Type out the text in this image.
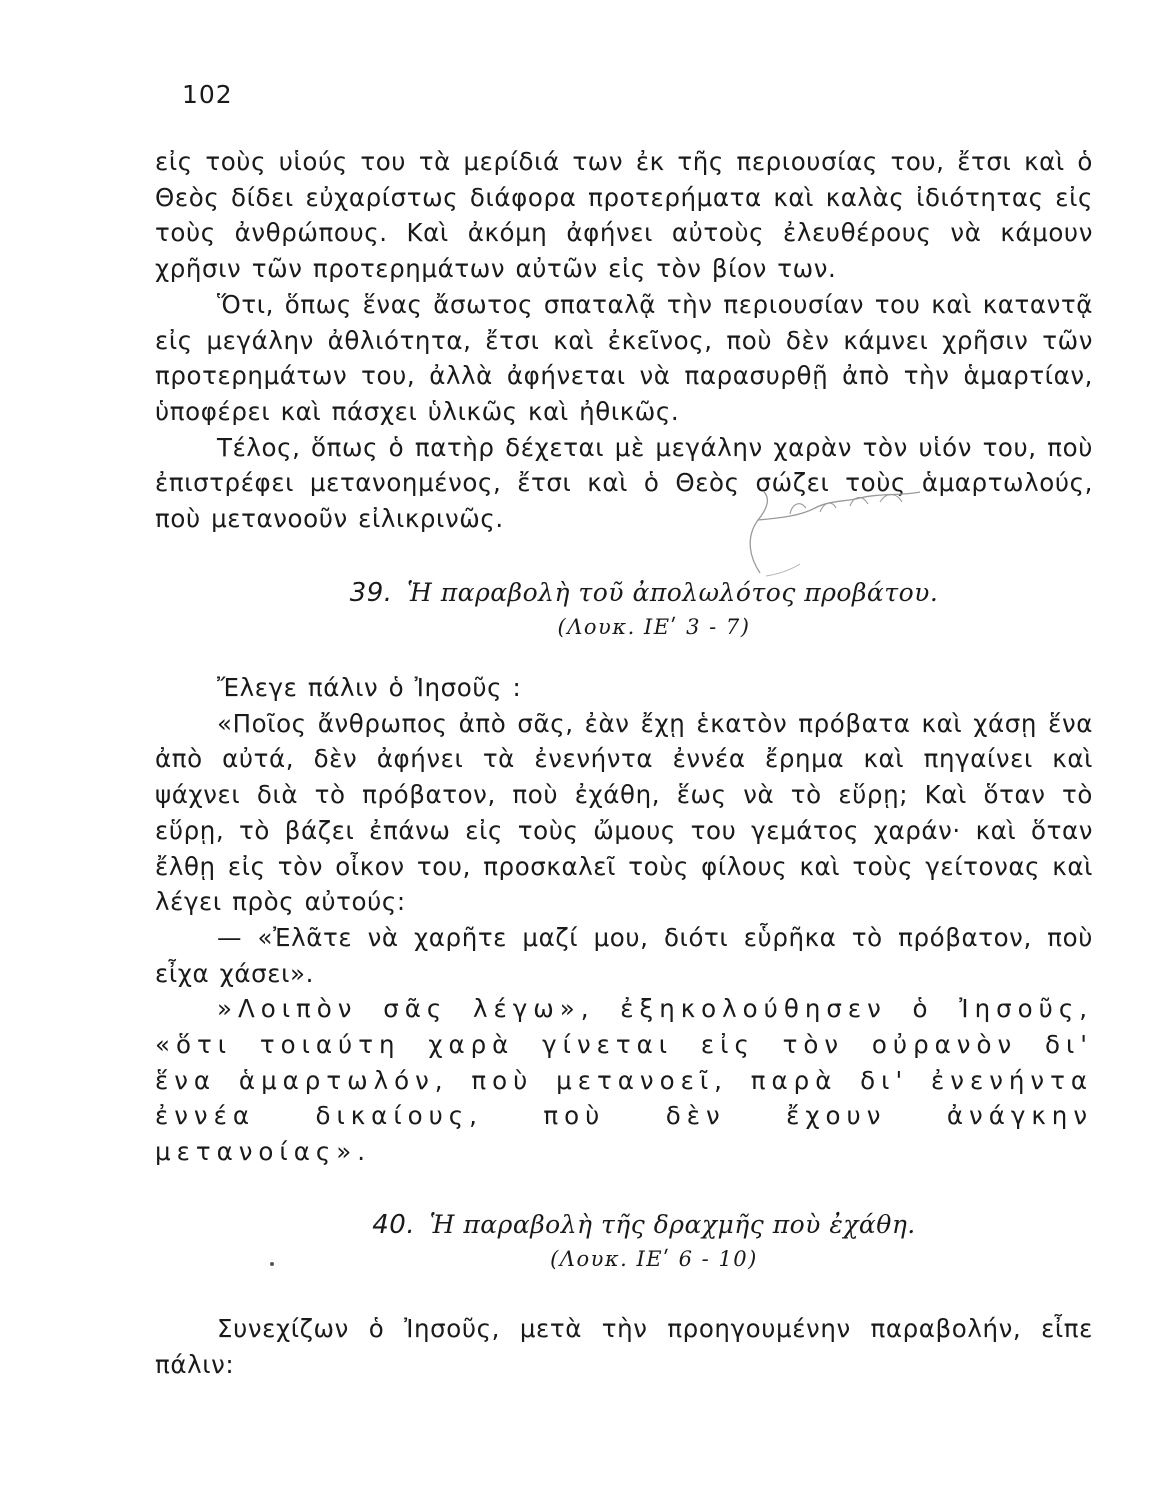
102

εἰς τοὺς υἱούς του τὰ μερίδιά των ἐκ τῆς περιουσίας του, ἔτσι καὶ ὁ Θεὸς δίδει εὐχαρίστως διάφορα προτερήματα καὶ καλὰς ἰδιότητας εἰς τοὺς ἀνθρώπους. Καὶ ἀκόμη ἀφήνει αὐτοὺς ἐλευθέρους νὰ κάμουν χρῆσιν τῶν προτερημάτων αὐτῶν εἰς τὸν βίον των.

Ὅτι, ὅπως ἕνας ἄσωτος σπαταλᾷ τὴν περιουσίαν του καὶ καταντᾷ εἰς μεγάλην ἀθλιότητα, ἔτσι καὶ ἐκεῖνος, ποὺ δὲν κάμνει χρῆσιν τῶν προτερημάτων του, ἀλλὰ ἀφήνεται νὰ παρασυρθῇ ἀπὸ τὴν ἁμαρτίαν, ὑποφέρει καὶ πάσχει ὑλικῶς καὶ ἠθικῶς.

Τέλος, ὅπως ὁ πατὴρ δέχεται μὲ μεγάλην χαρὰν τὸν υἱόν του, ποὺ ἐπιστρέφει μετανοημένος, ἔτσι καὶ ὁ Θεὸς σώζει τοὺς ἁμαρτωλούς, ποὺ μετανοοῦν εἰλικρινῶς.

39. Ἡ παραβολὴ τοῦ ἀπολωλότος προβάτου.
(Λουκ. ΙΕʹ 3 - 7)

Ἔλεγε πάλιν ὁ Ἰησοῦς :

«Ποῖος ἄνθρωπος ἀπὸ σᾶς, ἐὰν ἔχῃ ἑκατὸν πρόβατα καὶ χάσῃ ἕνα ἀπὸ αὐτά, δὲν ἀφήνει τὰ ἐνενήντα ἐννέα ἔρημα καὶ πηγαίνει καὶ ψάχνει διὰ τὸ πρόβατον, ποὺ ἐχάθη, ἕως νὰ τὸ εὕρῃ; Καὶ ὅταν τὸ εὕρῃ, τὸ βάζει ἐπάνω εἰς τοὺς ὤμους του γεμάτος χαράν· καὶ ὅταν ἔλθῃ εἰς τὸν οἶκον του, προσκαλεῖ τοὺς φίλους καὶ τοὺς γείτονας καὶ λέγει πρὸς αὐτούς:

— «Ἐλᾶτε νὰ χαρῆτε μαζί μου, διότι εὗρῆκα τὸ πρόβατον, ποὺ εἶχα χάσει».

»Λοιπὸν σᾶς λέγω», ἐξηκολούθησεν ὁ Ἰησοῦς, «ὅτι τοιαύτη χαρὰ γίνεται εἰς τὸν οὐρανὸν δι' ἕνα ἁμαρτωλόν, ποὺ μετανοεῖ, παρὰ δι' ἐνενήντα ἐννέα δικαίους, ποὺ δὲν ἔχουν ἀνάγκην μετανοίας».

40. Ἡ παραβολὴ τῆς δραχμῆς ποὺ ἐχάθη.
(Λουκ. ΙΕʹ 6 - 10)

Συνεχίζων ὁ Ἰησοῦς, μετὰ τὴν προηγουμένην παραβολήν, εἶπε πάλιν:
